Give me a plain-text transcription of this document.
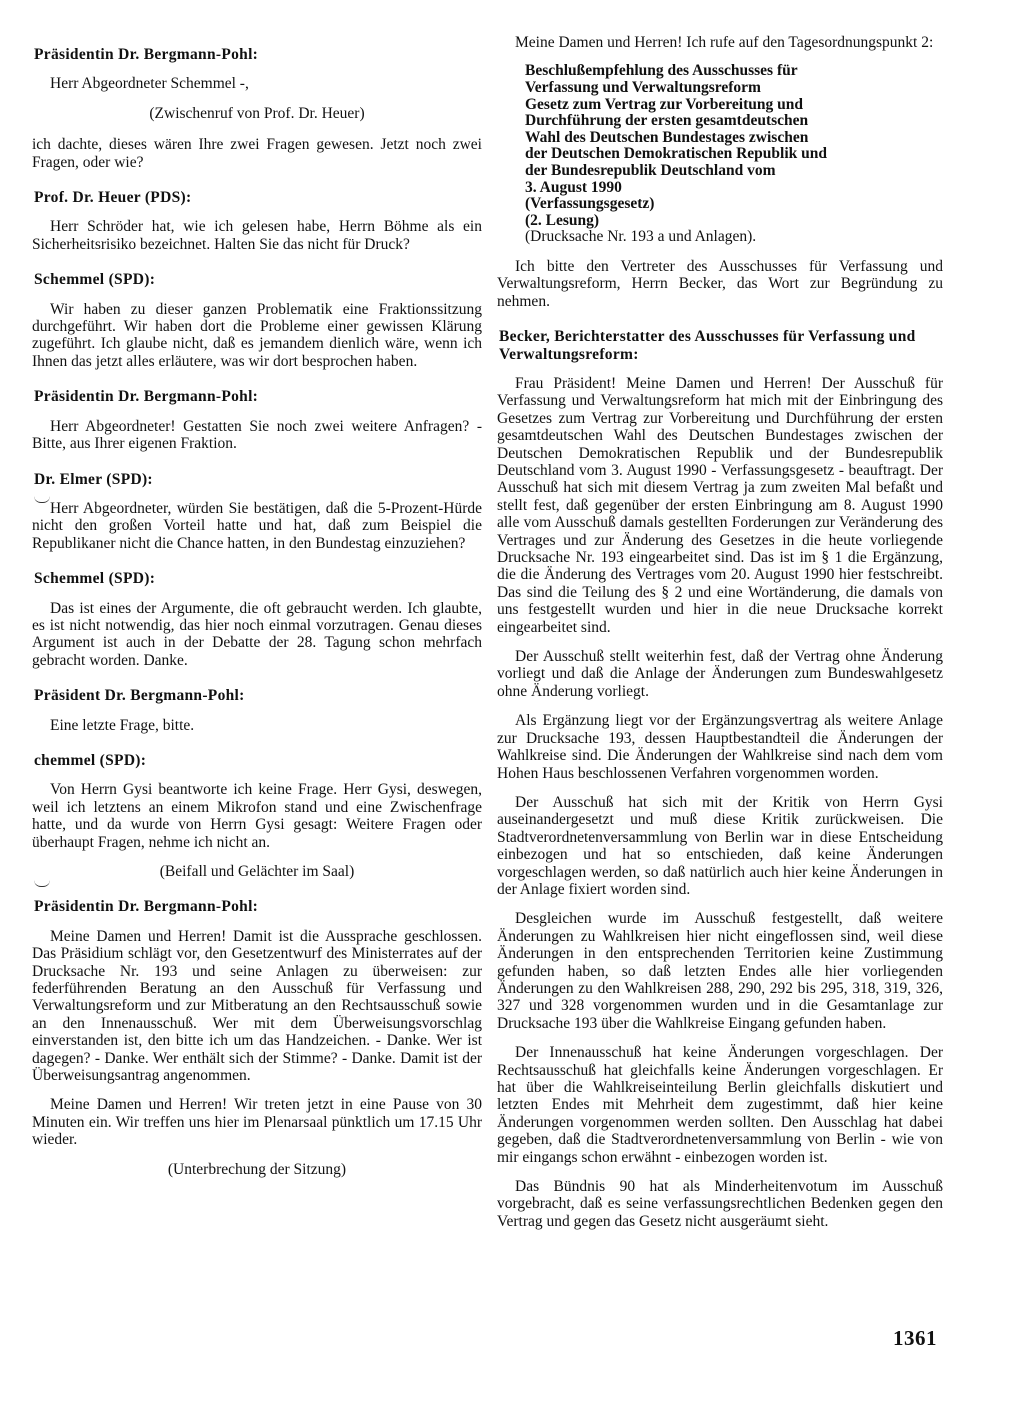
Präsidentin Dr. Bergmann-Pohl:

Herr Abgeordneter Schemmel -,

(Zwischenruf von Prof. Dr. Heuer)

ich dachte, dieses wären Ihre zwei Fragen gewesen. Jetzt noch zwei Fragen, oder wie?

Prof. Dr. Heuer (PDS):

Herr Schröder hat, wie ich gelesen habe, Herrn Böhme als ein Sicherheitsrisiko bezeichnet. Halten Sie das nicht für Druck?

Schemmel (SPD):

Wir haben zu dieser ganzen Problematik eine Fraktionssitzung durchgeführt. Wir haben dort die Probleme einer gewissen Klärung zugeführt. Ich glaube nicht, daß es jemandem dienlich wäre, wenn ich Ihnen das jetzt alles erläutere, was wir dort besprochen haben.

Präsidentin Dr. Bergmann-Pohl:

Herr Abgeordneter! Gestatten Sie noch zwei weitere Anfragen? - Bitte, aus Ihrer eigenen Fraktion.

Dr. Elmer (SPD):

Herr Abgeordneter, würden Sie bestätigen, daß die 5-Prozent-Hürde nicht den großen Vorteil hatte und hat, daß zum Beispiel die Republikaner nicht die Chance hatten, in den Bundestag einzuziehen?

Schemmel (SPD):

Das ist eines der Argumente, die oft gebraucht werden. Ich glaubte, es ist nicht notwendig, das hier noch einmal vorzutragen. Genau dieses Argument ist auch in der Debatte der 28. Tagung schon mehrfach gebracht worden. Danke.

Präsident Dr. Bergmann-Pohl:

Eine letzte Frage, bitte.

chemmel (SPD):

Von Herrn Gysi beantworte ich keine Frage. Herr Gysi, deswegen, weil ich letztens an einem Mikrofon stand und eine Zwischenfrage hatte, und da wurde von Herrn Gysi gesagt: Weitere Fragen oder überhaupt Fragen, nehme ich nicht an.

(Beifall und Gelächter im Saal)
Präsidentin Dr. Bergmann-Pohl:

Meine Damen und Herren! Damit ist die Aussprache geschlossen. Das Präsidium schlägt vor, den Gesetzentwurf des Ministerrates auf der Drucksache Nr. 193 und seine Anlagen zu überweisen: zur federführenden Beratung an den Ausschuß für Verfassung und Verwaltungsreform und zur Mitberatung an den Rechtsausschuß sowie an den Innenausschuß. Wer mit dem Überweisungsvorschlag einverstanden ist, den bitte ich um das Handzeichen. - Danke. Wer ist dagegen? - Danke. Wer enthält sich der Stimme? - Danke. Damit ist der Überweisungsantrag angenommen.

Meine Damen und Herren! Wir treten jetzt in eine Pause von 30 Minuten ein. Wir treffen uns hier im Plenarsaal pünktlich um 17.15 Uhr wieder.

(Unterbrechung der Sitzung)

Meine Damen und Herren! Ich rufe auf den Tagesordnungspunkt 2:

Beschlußempfehlung des Ausschusses für
Verfassung und Verwaltungsreform
Gesetz zum Vertrag zur Vorbereitung und
Durchführung der ersten gesamtdeutschen
Wahl des Deutschen Bundestages zwischen
der Deutschen Demokratischen Republik und
der Bundesrepublik Deutschland vom
3. August 1990
(Verfassungsgesetz)
(2. Lesung)
(Drucksache Nr. 193 a und Anlagen).

Ich bitte den Vertreter des Ausschusses für Verfassung und Verwaltungsreform, Herrn Becker, das Wort zur Begründung zu nehmen.

Becker, Berichterstatter des Ausschusses für Verfassung und Verwaltungsreform:

Frau Präsident! Meine Damen und Herren! Der Ausschuß für Verfassung und Verwaltungsreform hat mich mit der Einbringung des Gesetzes zum Vertrag zur Vorbereitung und Durchführung der ersten gesamtdeutschen Wahl des Deutschen Bundestages zwischen der Deutschen Demokratischen Republik und der Bundesrepublik Deutschland vom 3. August 1990 - Verfassungsgesetz - beauftragt. Der Ausschuß hat sich mit diesem Vertrag ja zum zweiten Mal befaßt und stellt fest, daß gegenüber der ersten Einbringung am 8. August 1990 alle vom Ausschuß damals gestellten Forderungen zur Veränderung des Vertrages und zur Änderung des Gesetzes in die heute vorliegende Drucksache Nr. 193 eingearbeitet sind. Das ist im § 1 die Ergänzung, die die Änderung des Vertrages vom 20. August 1990 hier festschreibt. Das sind die Teilung des § 2 und eine Wortänderung, die damals von uns festgestellt wurden und hier in die neue Drucksache korrekt eingearbeitet sind.

Der Ausschuß stellt weiterhin fest, daß der Vertrag ohne Änderung vorliegt und daß die Anlage der Änderungen zum Bundeswahlgesetz ohne Änderung vorliegt.

Als Ergänzung liegt vor der Ergänzungsvertrag als weitere Anlage zur Drucksache 193, dessen Hauptbestandteil die Änderungen der Wahlkreise sind. Die Änderungen der Wahlkreise sind nach dem vom Hohen Haus beschlossenen Verfahren vorgenommen worden.

Der Ausschuß hat sich mit der Kritik von Herrn Gysi auseinandergesetzt und muß diese Kritik zurückweisen. Die Stadtverordnetenversammlung von Berlin war in diese Entscheidung einbezogen und hat so entschieden, daß keine Änderungen vorgeschlagen werden, so daß natürlich auch hier keine Änderungen in der Anlage fixiert worden sind.

Desgleichen wurde im Ausschuß festgestellt, daß weitere Änderungen zu Wahlkreisen hier nicht eingeflossen sind, weil diese Änderungen in den entsprechenden Territorien keine Zustimmung gefunden haben, so daß letzten Endes alle hier vorliegenden Änderungen zu den Wahlkreisen 288, 290, 292 bis 295, 318, 319, 326, 327 und 328 vorgenommen wurden und in die Gesamtanlage zur Drucksache 193 über die Wahlkreise Eingang gefunden haben.

Der Innenausschuß hat keine Änderungen vorgeschlagen. Der Rechtsausschuß hat gleichfalls keine Änderungen vorgeschlagen. Er hat über die Wahlkreiseinteilung Berlin gleichfalls diskutiert und letzten Endes mit Mehrheit dem zugestimmt, daß hier keine Änderungen vorgenommen werden sollten. Den Ausschlag hat dabei gegeben, daß die Stadtverordnetenversammlung von Berlin - wie von mir eingangs schon erwähnt - einbezogen worden ist.

Das Bündnis 90 hat als Minderheitenvotum im Ausschuß vorgebracht, daß es seine verfassungsrechtlichen Bedenken gegen den Vertrag und gegen das Gesetz nicht ausgeräumt sieht.

1361
